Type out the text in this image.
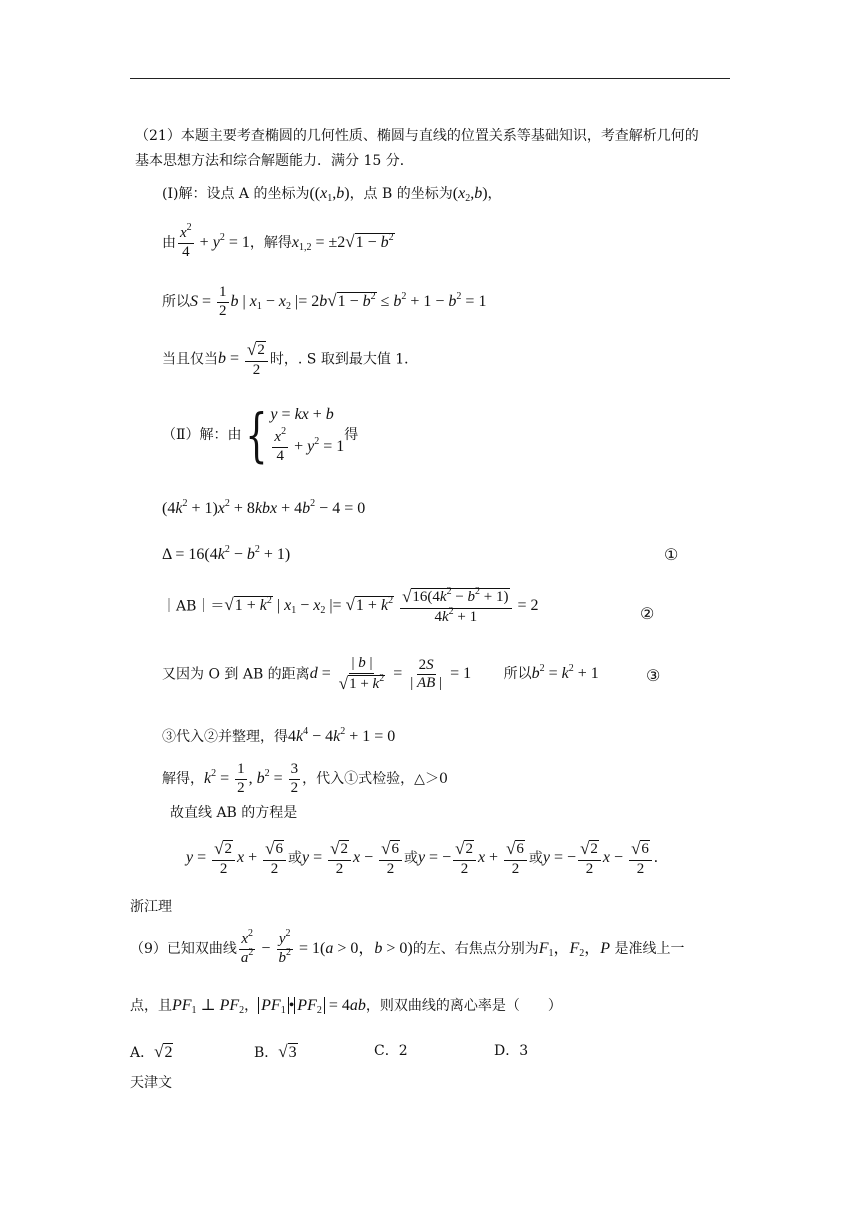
（21）本题主要考查椭圆的几何性质、椭圆与直线的位置关系等基础知识，考查解析几何的
基本思想方法和综合解题能力．满分 15 分．
(I)解：设点 A 的坐标为($(x_1,b)$，点 B 的坐标为$(x_2,b)$，
由 $\frac{x^2}{4} + y^2 = 1$，解得$x_{1,2} = \pm 2$ √ $1 - b^2$
所以$S = \frac{1}{2}$ b | $x_1 - x_2$ |= 2b √ $1 - b^2 \le b^2 + 1 - b^2 = 1$
当且仅当$b = \frac{√ 2}{2}$ 时，. S 取到最大值 1．
（Ⅱ）解：由{ y = kx + b
$\frac{x^2}{4} + y^2 = 1$
得
$(4k^2 + 1)x^2 + 8kbx + 4b^2 - 4 = 0$
$\Delta = 16(4k^2 - b^2 + 1)$	①
｜AB｜＝ √ $1 + k^2$ | $x_1 - x_2$ |= √ $1 + k^2$
$\frac{√ 16(4k^2 - b^2 + 1)}{4k^2 + 1} = 2$	②
又因为 O 到 AB 的距离$d = \frac{| b |}{√ 1 + k^2} = \frac{2S}{| AB |} = 1$ 所以$b^2 = k^2 + 1$	③
③代入②并整理，得$4k^4 - 4k^2 + 1 = 0$
解得，$k^2 = \frac{1}{2}$ , $b^2 = \frac{3}{2}$ ，代入①式检验，△＞0
故直线 AB 的方程是
$y = \frac{√ 2}{2}$ $x + \frac{√ 6}{2}$ 或$y = \frac{√ 2}{2}$ $x - \frac{√ 6}{2}$ 或y = − $\frac{√ 2}{2}$ $x + \frac{√ 6}{2}$ 或y = − $\frac{√ 2}{2}$ $x - \frac{√ 6}{2}$ .
浙江理
（9）已知双曲线 $\frac{x^2}{a^2} - \frac{y^2}{b^2} = 1(a > 0$，b > 0)的左、右焦点分别为$F_1$，$F_2$，P 是准线上一
点，且$PF_1$ ⊥ $PF_2$， $PF_1$ • $PF_2 = 4ab$，则双曲线的离心率是（　　）
A． √ 2	B． √ 3	C．2	D．3
天津文
